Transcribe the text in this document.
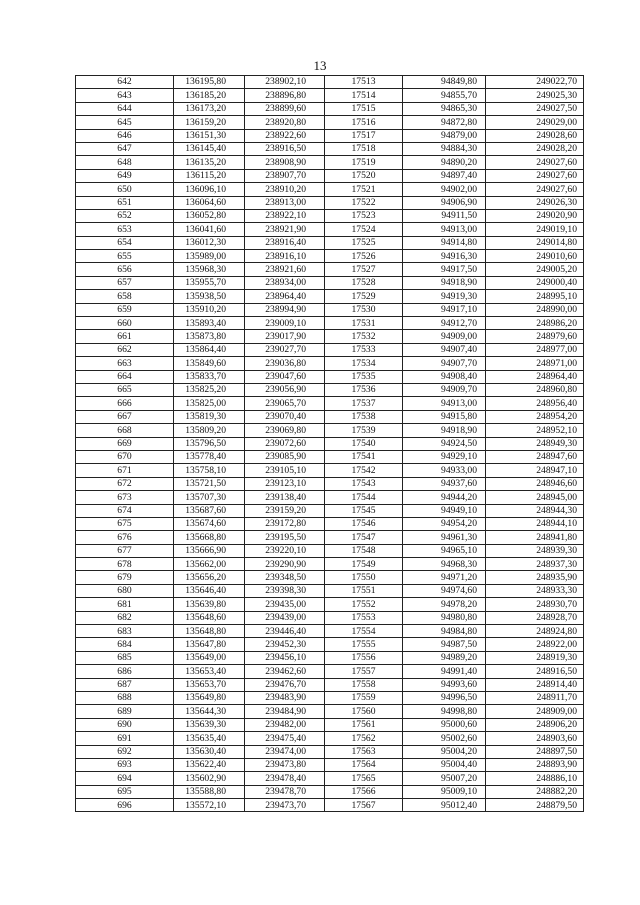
13
642	136195,80	238902,10	17513	94849,80	249022,70
643	136185,20	238896,80	17514	94855,70	249025,30
644	136173,20	238899,60	17515	94865,30	249027,50
645	136159,20	238920,80	17516	94872,80	249029,00
646	136151,30	238922,60	17517	94879,00	249028,60
647	136145,40	238916,50	17518	94884,30	249028,20
648	136135,20	238908,90	17519	94890,20	249027,60
649	136115,20	238907,70	17520	94897,40	249027,60
650	136096,10	238910,20	17521	94902,00	249027,60
651	136064,60	238913,00	17522	94906,90	249026,30
652	136052,80	238922,10	17523	94911,50	249020,90
653	136041,60	238921,90	17524	94913,00	249019,10
654	136012,30	238916,40	17525	94914,80	249014,80
655	135989,00	238916,10	17526	94916,30	249010,60
656	135968,30	238921,60	17527	94917,50	249005,20
657	135955,70	238934,00	17528	94918,90	249000,40
658	135938,50	238964,40	17529	94919,30	248995,10
659	135910,20	238994,90	17530	94917,10	248990,00
660	135893,40	239009,10	17531	94912,70	248986,20
661	135873,80	239017,90	17532	94909,00	248979,60
662	135864,40	239027,70	17533	94907,40	248977,00
663	135849,60	239036,80	17534	94907,70	248971,00
664	135833,70	239047,60	17535	94908,40	248964,40
665	135825,20	239056,90	17536	94909,70	248960,80
666	135825,00	239065,70	17537	94913,00	248956,40
667	135819,30	239070,40	17538	94915,80	248954,20
668	135809,20	239069,80	17539	94918,90	248952,10
669	135796,50	239072,60	17540	94924,50	248949,30
670	135778,40	239085,90	17541	94929,10	248947,60
671	135758,10	239105,10	17542	94933,00	248947,10
672	135721,50	239123,10	17543	94937,60	248946,60
673	135707,30	239138,40	17544	94944,20	248945,00
674	135687,60	239159,20	17545	94949,10	248944,30
675	135674,60	239172,80	17546	94954,20	248944,10
676	135668,80	239195,50	17547	94961,30	248941,80
677	135666,90	239220,10	17548	94965,10	248939,30
678	135662,00	239290,90	17549	94968,30	248937,30
679	135656,20	239348,50	17550	94971,20	248935,90
680	135646,40	239398,30	17551	94974,60	248933,30
681	135639,80	239435,00	17552	94978,20	248930,70
682	135648,60	239439,00	17553	94980,80	248928,70
683	135648,80	239446,40	17554	94984,80	248924,80
684	135647,80	239452,30	17555	94987,50	248922,00
685	135649,00	239456,10	17556	94989,20	248919,30
686	135653,40	239462,60	17557	94991,40	248916,50
687	135653,70	239476,70	17558	94993,60	248914,40
688	135649,80	239483,90	17559	94996,50	248911,70
689	135644,30	239484,90	17560	94998,80	248909,00
690	135639,30	239482,00	17561	95000,60	248906,20
691	135635,40	239475,40	17562	95002,60	248903,60
692	135630,40	239474,00	17563	95004,20	248897,50
693	135622,40	239473,80	17564	95004,40	248893,90
694	135602,90	239478,40	17565	95007,20	248886,10
695	135588,80	239478,70	17566	95009,10	248882,20
696	135572,10	239473,70	17567	95012,40	248879,50
